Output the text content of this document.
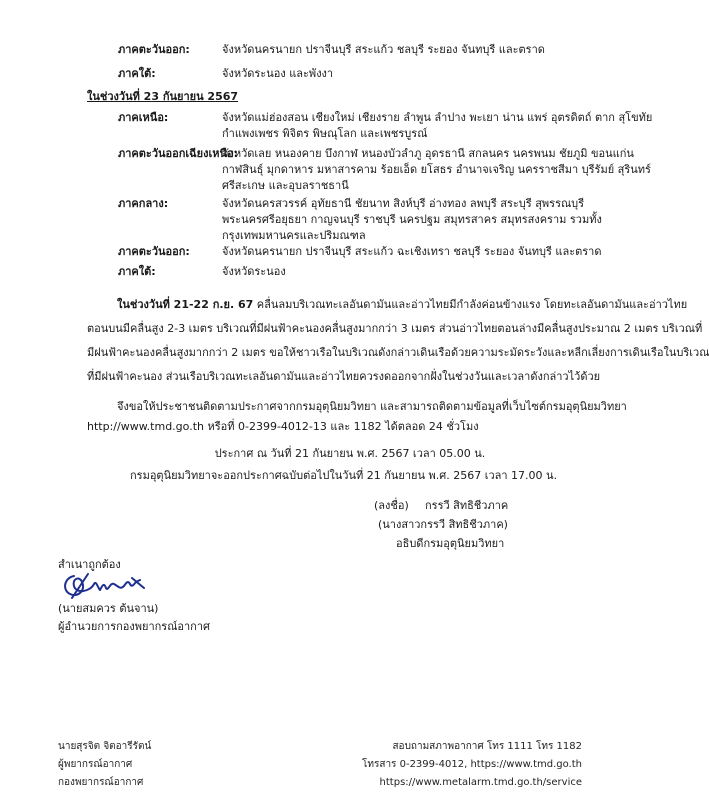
ภาคตะวันออก:	จังหวัดนครนายก ปราจีนบุรี สระแก้ว ชลบุรี ระยอง จันทบุรี และตราด
ภาคใต้:	จังหวัดระนอง และพังงา
ในช่วงวันที่ 23 กันยายน 2567
ภาคเหนือ:	จังหวัดแม่ฮ่องสอน เชียงใหม่ เชียงราย ลำพูน ลำปาง พะเยา น่าน แพร่ อุตรดิตถ์ ตาก สุโขทัย
กำแพงเพชร พิจิตร พิษณุโลก และเพชรบูรณ์
ภาคตะวันออกเฉียงเหนือ:
จังหวัดเลย หนองคาย บึงกาฬ หนองบัวลำภู อุดรธานี สกลนคร นครพนม ชัยภูมิ ขอนแก่น
กาฬสินธุ์ มุกดาหาร มหาสารคาม ร้อยเอ็ด ยโสธร อำนาจเจริญ นครราชสีมา บุรีรัมย์ สุรินทร์
ศรีสะเกษ และอุบลราชธานี
ภาคกลาง:	จังหวัดนครสวรรค์ อุทัยธานี ชัยนาท สิงห์บุรี อ่างทอง ลพบุรี สระบุรี สุพรรณบุรี
พระนครศรีอยุธยา กาญจนบุรี ราชบุรี นครปฐม สมุทรสาคร สมุทรสงคราม รวมทั้ง
กรุงเทพมหานครและปริมณฑล
ภาคตะวันออก:	จังหวัดนครนายก ปราจีนบุรี สระแก้ว ฉะเชิงเทรา ชลบุรี ระยอง จันทบุรี และตราด
ภาคใต้:	จังหวัดระนอง
ในช่วงวันที่ 21-22 ก.ย. 67 คลื่นลมบริเวณทะเลอันดามันและอ่าวไทยมีกำลังค่อนข้างแรง โดยทะเลอันดามันและอ่าวไทย
ตอนบนมีคลื่นสูง 2-3 เมตร บริเวณที่มีฝนฟ้าคะนองคลื่นสูงมากกว่า 3 เมตร ส่วนอ่าวไทยตอนล่างมีคลื่นสูงประมาณ 2 เมตร บริเวณที่
มีฝนฟ้าคะนองคลื่นสูงมากกว่า 2 เมตร ขอให้ชาวเรือในบริเวณดังกล่าวเดินเรือด้วยความระมัดระวังและหลีกเลี่ยงการเดินเรือในบริเวณ
ที่มีฝนฟ้าคะนอง ส่วนเรือบริเวณทะเลอันดามันและอ่าวไทยควรงดออกจากฝั่งในช่วงวันและเวลาดังกล่าวไว้ด้วย
จึงขอให้ประชาชนติดตามประกาศจากกรมอุตุนิยมวิทยา และสามารถติดตามข้อมูลที่เว็บไซต์กรมอุตุนิยมวิทยา
http://www.tmd.go.th หรือที่ 0-2399-4012-13 และ 1182 ได้ตลอด 24 ชั่วโมง
ประกาศ ณ วันที่ 21 กันยายน พ.ศ. 2567 เวลา 05.00 น.
กรมอุตุนิยมวิทยาจะออกประกาศฉบับต่อไปในวันที่ 21 กันยายน พ.ศ. 2567 เวลา 17.00 น.
(ลงชื่อ) กรรวี สิทธิชีวภาค
(นางสาวกรรวี สิทธิชีวภาค)
อธิบดีกรมอุตุนิยมวิทยา
สำเนาถูกต้อง
(นายสมควร ต้นจาน)
ผู้อำนวยการกองพยากรณ์อากาศ
นายสุรจิต จิตอารีรัตน์
ผู้พยากรณ์อากาศ
กองพยากรณ์อากาศ
สอบถามสภาพอากาศ โทร 1111 โทร 1182
โทรสาร 0-2399-4012, https://www.tmd.go.th
https://www.metalarm.tmd.go.th/service
